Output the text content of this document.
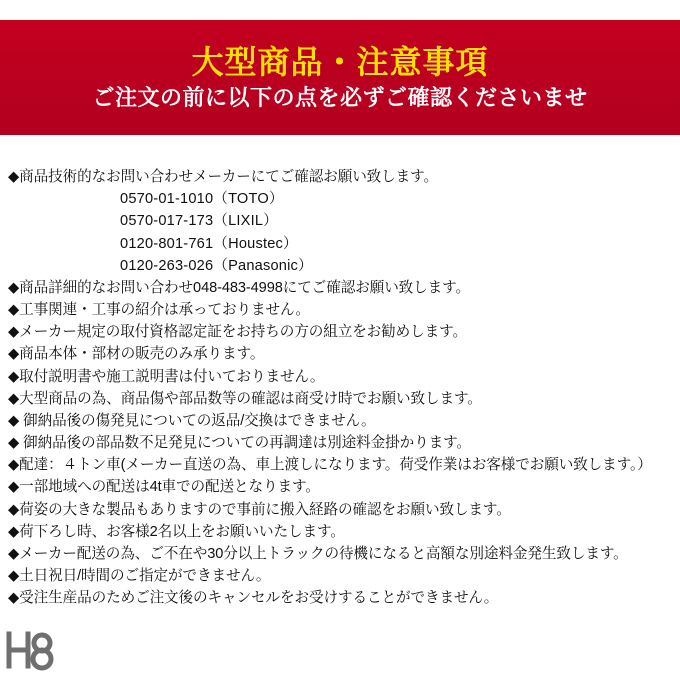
大型商品・注意事項
ご注文の前に以下の点を必ずご確認くださいませ
◆商品技術的なお問い合わせメーカーにてご確認お願い致します。
0570-01-1010（TOTO）
0570-017-173（LIXIL）
0120-801-761（Houstec）
0120-263-026（Panasonic）
◆商品詳細的なお問い合わせ048-483-4998にてご確認お願い致します。
◆工事関連・工事の紹介は承っておりません。
◆メーカー規定の取付資格認定証をお持ちの方の組立をお勧めします。
◆商品本体・部材の販売のみ承ります。
◆取付説明書や施工説明書は付いておりません。
◆大型商品の為、商品傷や部品数等の確認は商受け時でお願い致します。
◆ 御納品後の傷発見についての返品/交換はできません。
◆ 御納品後の部品数不足発見についての再調達は別途料金掛かります。
◆配達：４トン車(メーカー直送の為、車上渡しになります。荷受作業はお客様でお願い致します。）
◆一部地域への配送は4t車での配送となります。
◆荷姿の大きな製品もありますので事前に搬入経路の確認をお願い致します。
◆荷下ろし時、お客様2名以上をお願いいたします。
◆メーカー配送の為、ご不在や30分以上トラックの待機になると高額な別途料金発生致します。
◆土日祝日/時間のご指定ができません。
◆受注生産品のためご注文後のキャンセルをお受けすることができません。
